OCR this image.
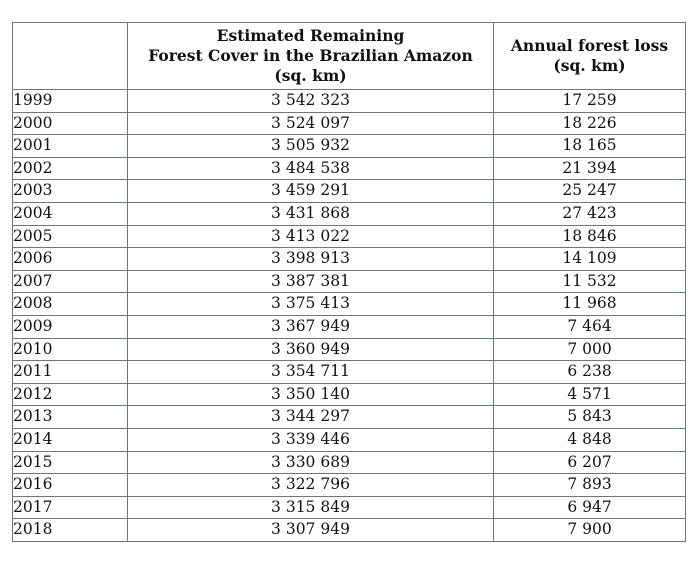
	Estimated Remaining
Forest Cover in the Brazilian Amazon
(sq. km)	Annual forest loss
(sq. km)

1999	3 542 323	17 259
2000	3 524 097	18 226
2001	3 505 932	18 165
2002	3 484 538	21 394
2003	3 459 291	25 247
2004	3 431 868	27 423
2005	3 413 022	18 846
2006	3 398 913	14 109
2007	3 387 381	11 532
2008	3 375 413	11 968
2009	3 367 949	7 464
2010	3 360 949	7 000
2011	3 354 711	6 238
2012	3 350 140	4 571
2013	3 344 297	5 843
2014	3 339 446	4 848
2015	3 330 689	6 207
2016	3 322 796	7 893
2017	3 315 849	6 947
2018	3 307 949	7 900
